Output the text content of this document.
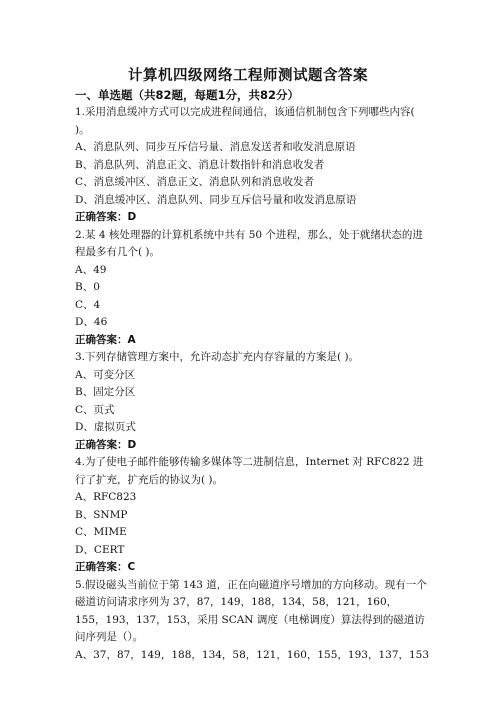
计算机四级网络工程师测试题含答案

一、单选题（共82题，每题1分，共82分）

1.采用消息缓冲方式可以完成进程间通信，该通信机制包含下列哪些内容( )。

A、消息队列、同步互斥信号量、消息发送者和收发消息原语

B、消息队列、消息正文、消息计数指针和消息收发者

C、消息缓冲区、消息正文、消息队列和消息收发者

D、消息缓冲区、消息队列、同步互斥信号量和收发消息原语

正确答案：D

2.某 4 核处理器的计算机系统中共有 50 个进程，那么，处于就绪状态的进程最多有几个( )。

A、49

B、0

C、4

D、46

正确答案：A

3.下列存储管理方案中，允许动态扩充内存容量的方案是( )。

A、可变分区

B、固定分区

C、页式

D、虚拟页式

正确答案：D

4.为了使电子邮件能够传输多媒体等二进制信息，Internet 对 RFC822 进行了扩充，扩充后的协议为( )。

A、RFC823

B、SNMP

C、MIME

D、CERT

正确答案：C

5.假设磁头当前位于第 143 道，正在向磁道序号增加的方向移动。现有一个磁道访问请求序列为 37，87，149，188，134，58，121，160，155，193，137，153，采用 SCAN 调度（电梯调度）算法得到的磁道访问序列是（）。

A、37，87，149，188，134，58，121，160，155，193，137，153
